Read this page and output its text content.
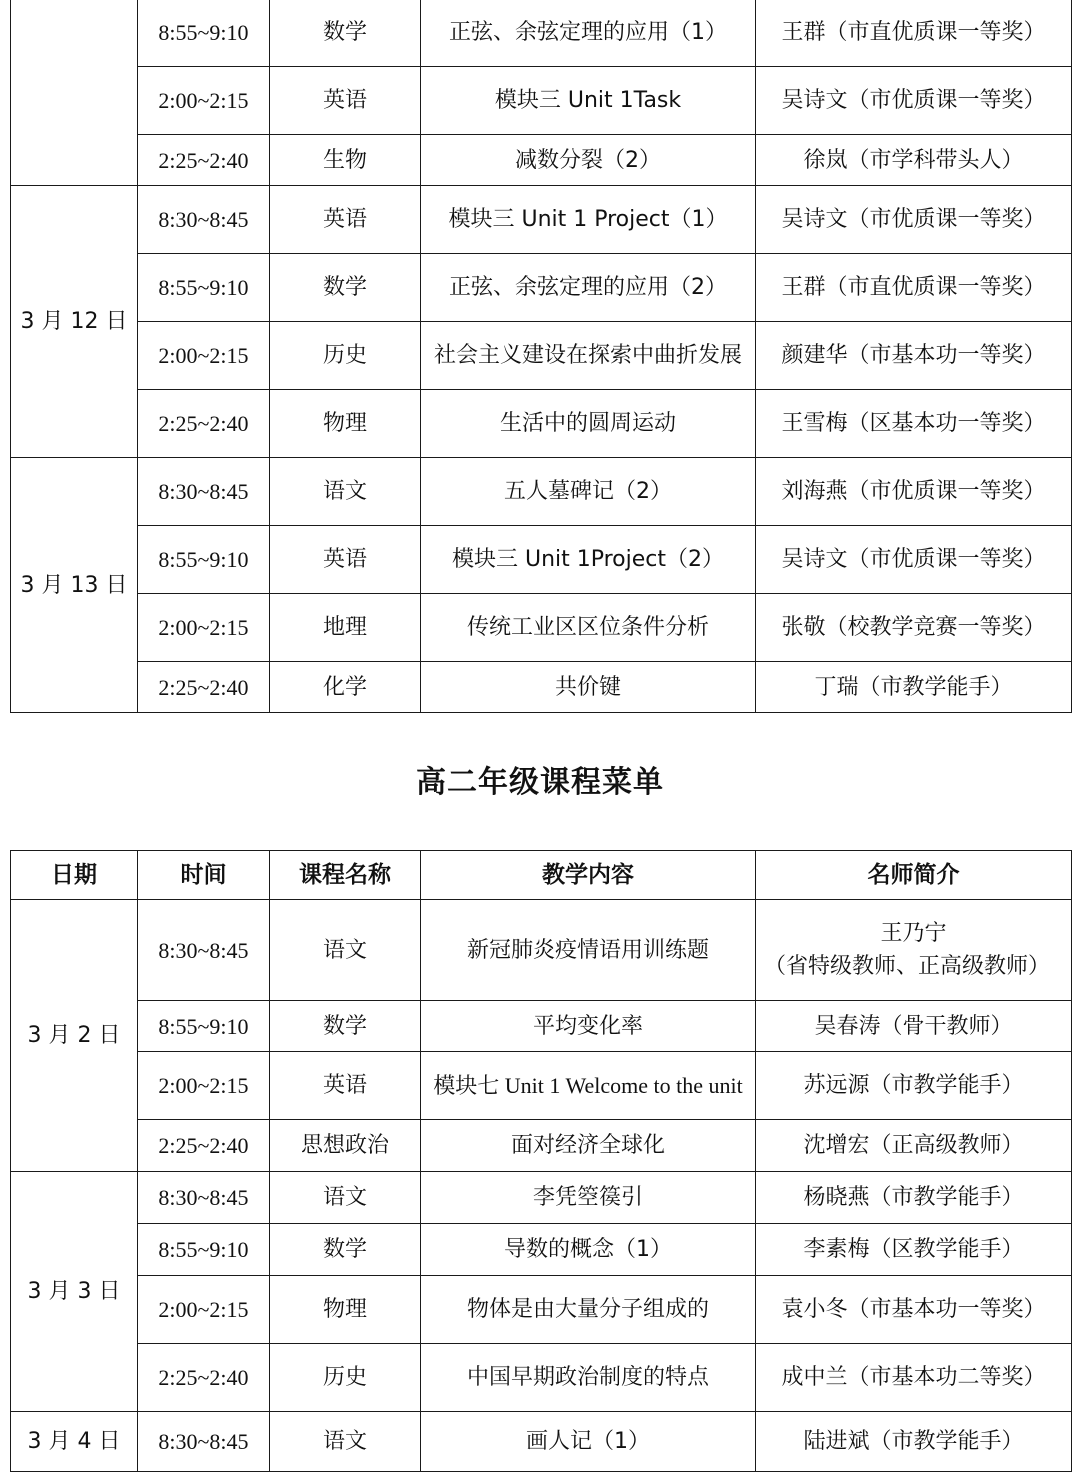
	8:55~9:10	数学	正弦、余弦定理的应用（1）	王群（市直优质课一等奖）
	2:00~2:15	英语	模块三 Unit 1Task	吴诗文（市优质课一等奖）
	2:25~2:40	生物	减数分裂（2）	徐岚（市学科带头人）
3 月 12 日	8:30~8:45	英语	模块三 Unit 1 Project（1）	吴诗文（市优质课一等奖）
	8:55~9:10	数学	正弦、余弦定理的应用（2）	王群（市直优质课一等奖）
	2:00~2:15	历史	社会主义建设在探索中曲折发展	颜建华（市基本功一等奖）
	2:25~2:40	物理	生活中的圆周运动	王雪梅（区基本功一等奖）
3 月 13 日	8:30~8:45	语文	五人墓碑记（2）	刘海燕（市优质课一等奖）
	8:55~9:10	英语	模块三 Unit 1Project（2）	吴诗文（市优质课一等奖）
	2:00~2:15	地理	传统工业区区位条件分析	张敬（校教学竞赛一等奖）
	2:25~2:40	化学	共价键	丁瑞（市教学能手）
高二年级课程菜单
日期	时间	课程名称	教学内容	名师简介
3 月 2 日	8:30~8:45	语文	新冠肺炎疫情语用训练题	王乃宁
（省特级教师、正高级教师）

	8:55~9:10	数学	平均变化率	吴春涛（骨干教师）
	2:00~2:15	英语	模块七 Unit 1 Welcome to the unit	苏远源（市教学能手）
	2:25~2:40	思想政治	面对经济全球化	沈增宏（正高级教师）
3 月 3 日	8:30~8:45	语文	李凭箜篌引	杨晓燕（市教学能手）
	8:55~9:10	数学	导数的概念（1）	李素梅（区教学能手）
	2:00~2:15	物理	物体是由大量分子组成的	袁小冬（市基本功一等奖）
	2:25~2:40	历史	中国早期政治制度的特点	成中兰（市基本功二等奖）
3 月 4 日	8:30~8:45	语文	画人记（1）	陆进斌（市教学能手）
